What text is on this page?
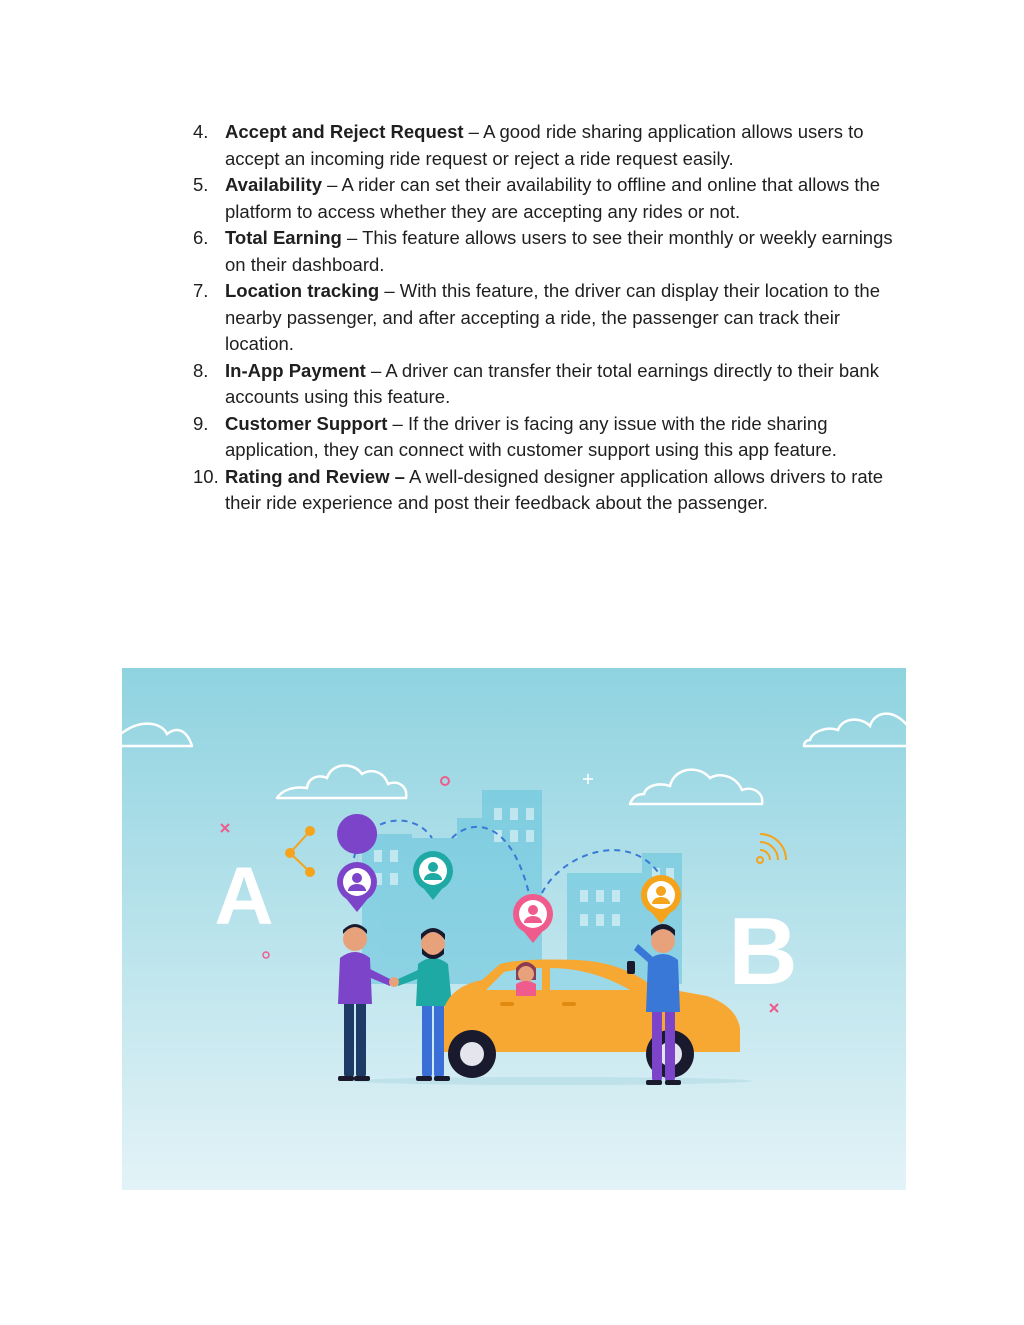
4. Accept and Reject Request – A good ride sharing application allows users to accept an incoming ride request or reject a ride request easily.
5. Availability – A rider can set their availability to offline and online that allows the platform to access whether they are accepting any rides or not.
6. Total Earning – This feature allows users to see their monthly or weekly earnings on their dashboard.
7. Location tracking – With this feature, the driver can display their location to the nearby passenger, and after accepting a ride, the passenger can track their location.
8. In-App Payment – A driver can transfer their total earnings directly to their bank accounts using this feature.
9. Customer Support – If the driver is facing any issue with the ride sharing application, they can connect with customer support using this app feature.
10. Rating and Review – A well-designed designer application allows drivers to rate their ride experience and post their feedback about the passenger.
A
B
